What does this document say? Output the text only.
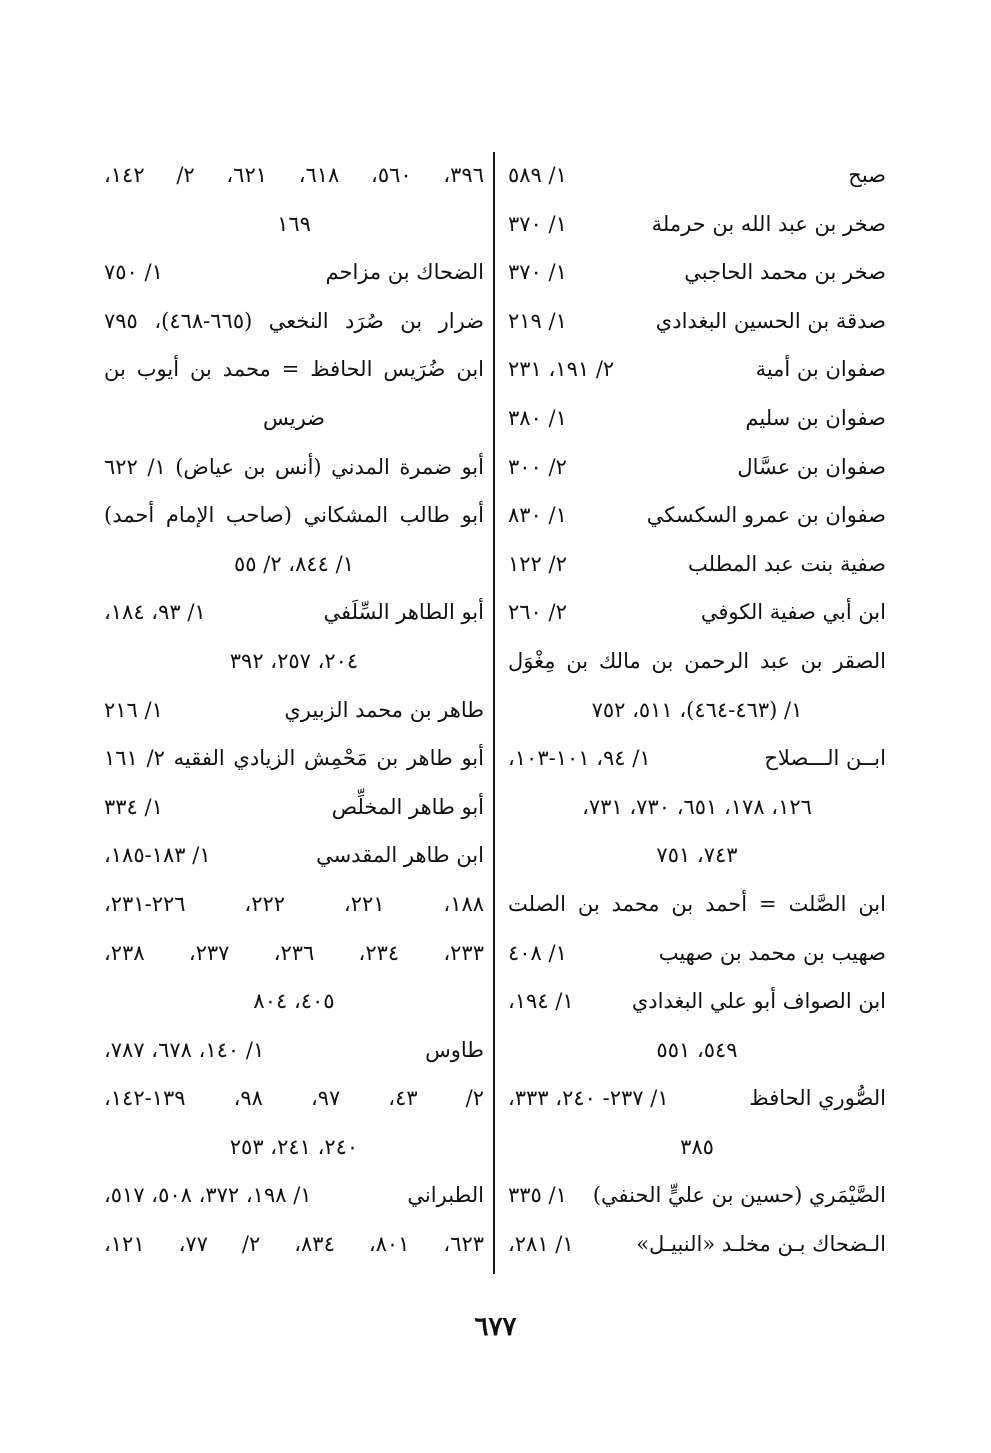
صبح
١/ ٥٨٩
صخر بن عبد الله بن حرملة
١/ ٣٧٠
صخر بن محمد الحاجبي
١/ ٣٧٠
صدقة بن الحسين البغدادي
١/ ٢١٩
صفوان بن أمية
٢/ ١٩١، ٢٣١
صفوان بن سليم
١/ ٣٨٠
صفوان بن عسَّال
٢/ ٣٠٠
صفوان بن عمرو السكسكي
١/ ٨٣٠
صفية بنت عبد المطلب
٢/ ١٢٢
ابن أبي صفية الكوفي
٢/ ٢٦٠
الصقر بن عبد الرحمن بن مالك بن مِغْوَل
١/ (٤٦٣-٤٦٤)، ٥١١، ٧٥٢
ابــن الـــصلاح
١/ ٩٤، ١٠١-١٠٣،
١٢٦، ١٧٨، ٦٥١، ٧٣٠، ٧٣١،
٧٤٣، ٧٥١
ابن الصَّلت = أحمد بن محمد بن الصلت
صهيب بن محمد بن صهيب
١/ ٤٠٨
ابن الصواف أبو علي البغدادي
١/ ١٩٤،
٥٤٩، ٥٥١
الصُّوري الحافظ
١/ ٢٣٧- ٢٤٠، ٣٣٣،
٣٨٥
الصَّيْمَري (حسين بن عليٍّ الحنفي)
١/ ٣٣٥
الـضحاك بـن مخلـد «النبيـل»
١/ ٢٨١،
٣٩٦، ٥٦٠، ٦١٨، ٦٢١، ٢/ ١٤٢،
١٦٩
الضحاك بن مزاحم
١/ ٧٥٠
ضرار بن صُرَد النخعي (٦٦٥-٤٦٨)، ٧٩٥
ابن ضُرَيس الحافظ = محمد بن أيوب بن
ضريس
أبو ضمرة المدني (أنس بن عياض) ١/ ٦٢٢
أبو طالب المشكاني (صاحب الإمام أحمد)
١/ ٨٤٤، ٢/ ٥٥
أبو الطاهر السِّلَفي
١/ ٩٣، ١٨٤،
٢٠٤، ٢٥٧، ٣٩٢
طاهر بن محمد الزبيري
١/ ٢١٦
أبو طاهر بن مَحْمِش الزيادي الفقيه ٢/ ١٦١
أبو طاهر المخلِّص
١/ ٣٣٤
ابن طاهر المقدسي
١/ ١٨٣-١٨٥،
١٨٨، ٢٢١، ٢٢٢، ٢٢٦-٢٣١،
٢٣٣، ٢٣٤، ٢٣٦، ٢٣٧، ٢٣٨،
٤٠٥، ٨٠٤
طاوس
١/ ١٤٠، ٦٧٨، ٧٨٧،
٢/ ٤٣، ٩٧، ٩٨، ١٣٩-١٤٢،
٢٤٠، ٢٤١، ٢٥٣
الطبراني
١/ ١٩٨، ٣٧٢، ٥٠٨، ٥١٧،
٦٢٣، ٨٠١، ٨٣٤، ٢/ ٧٧، ١٢١،
٦٧٧
